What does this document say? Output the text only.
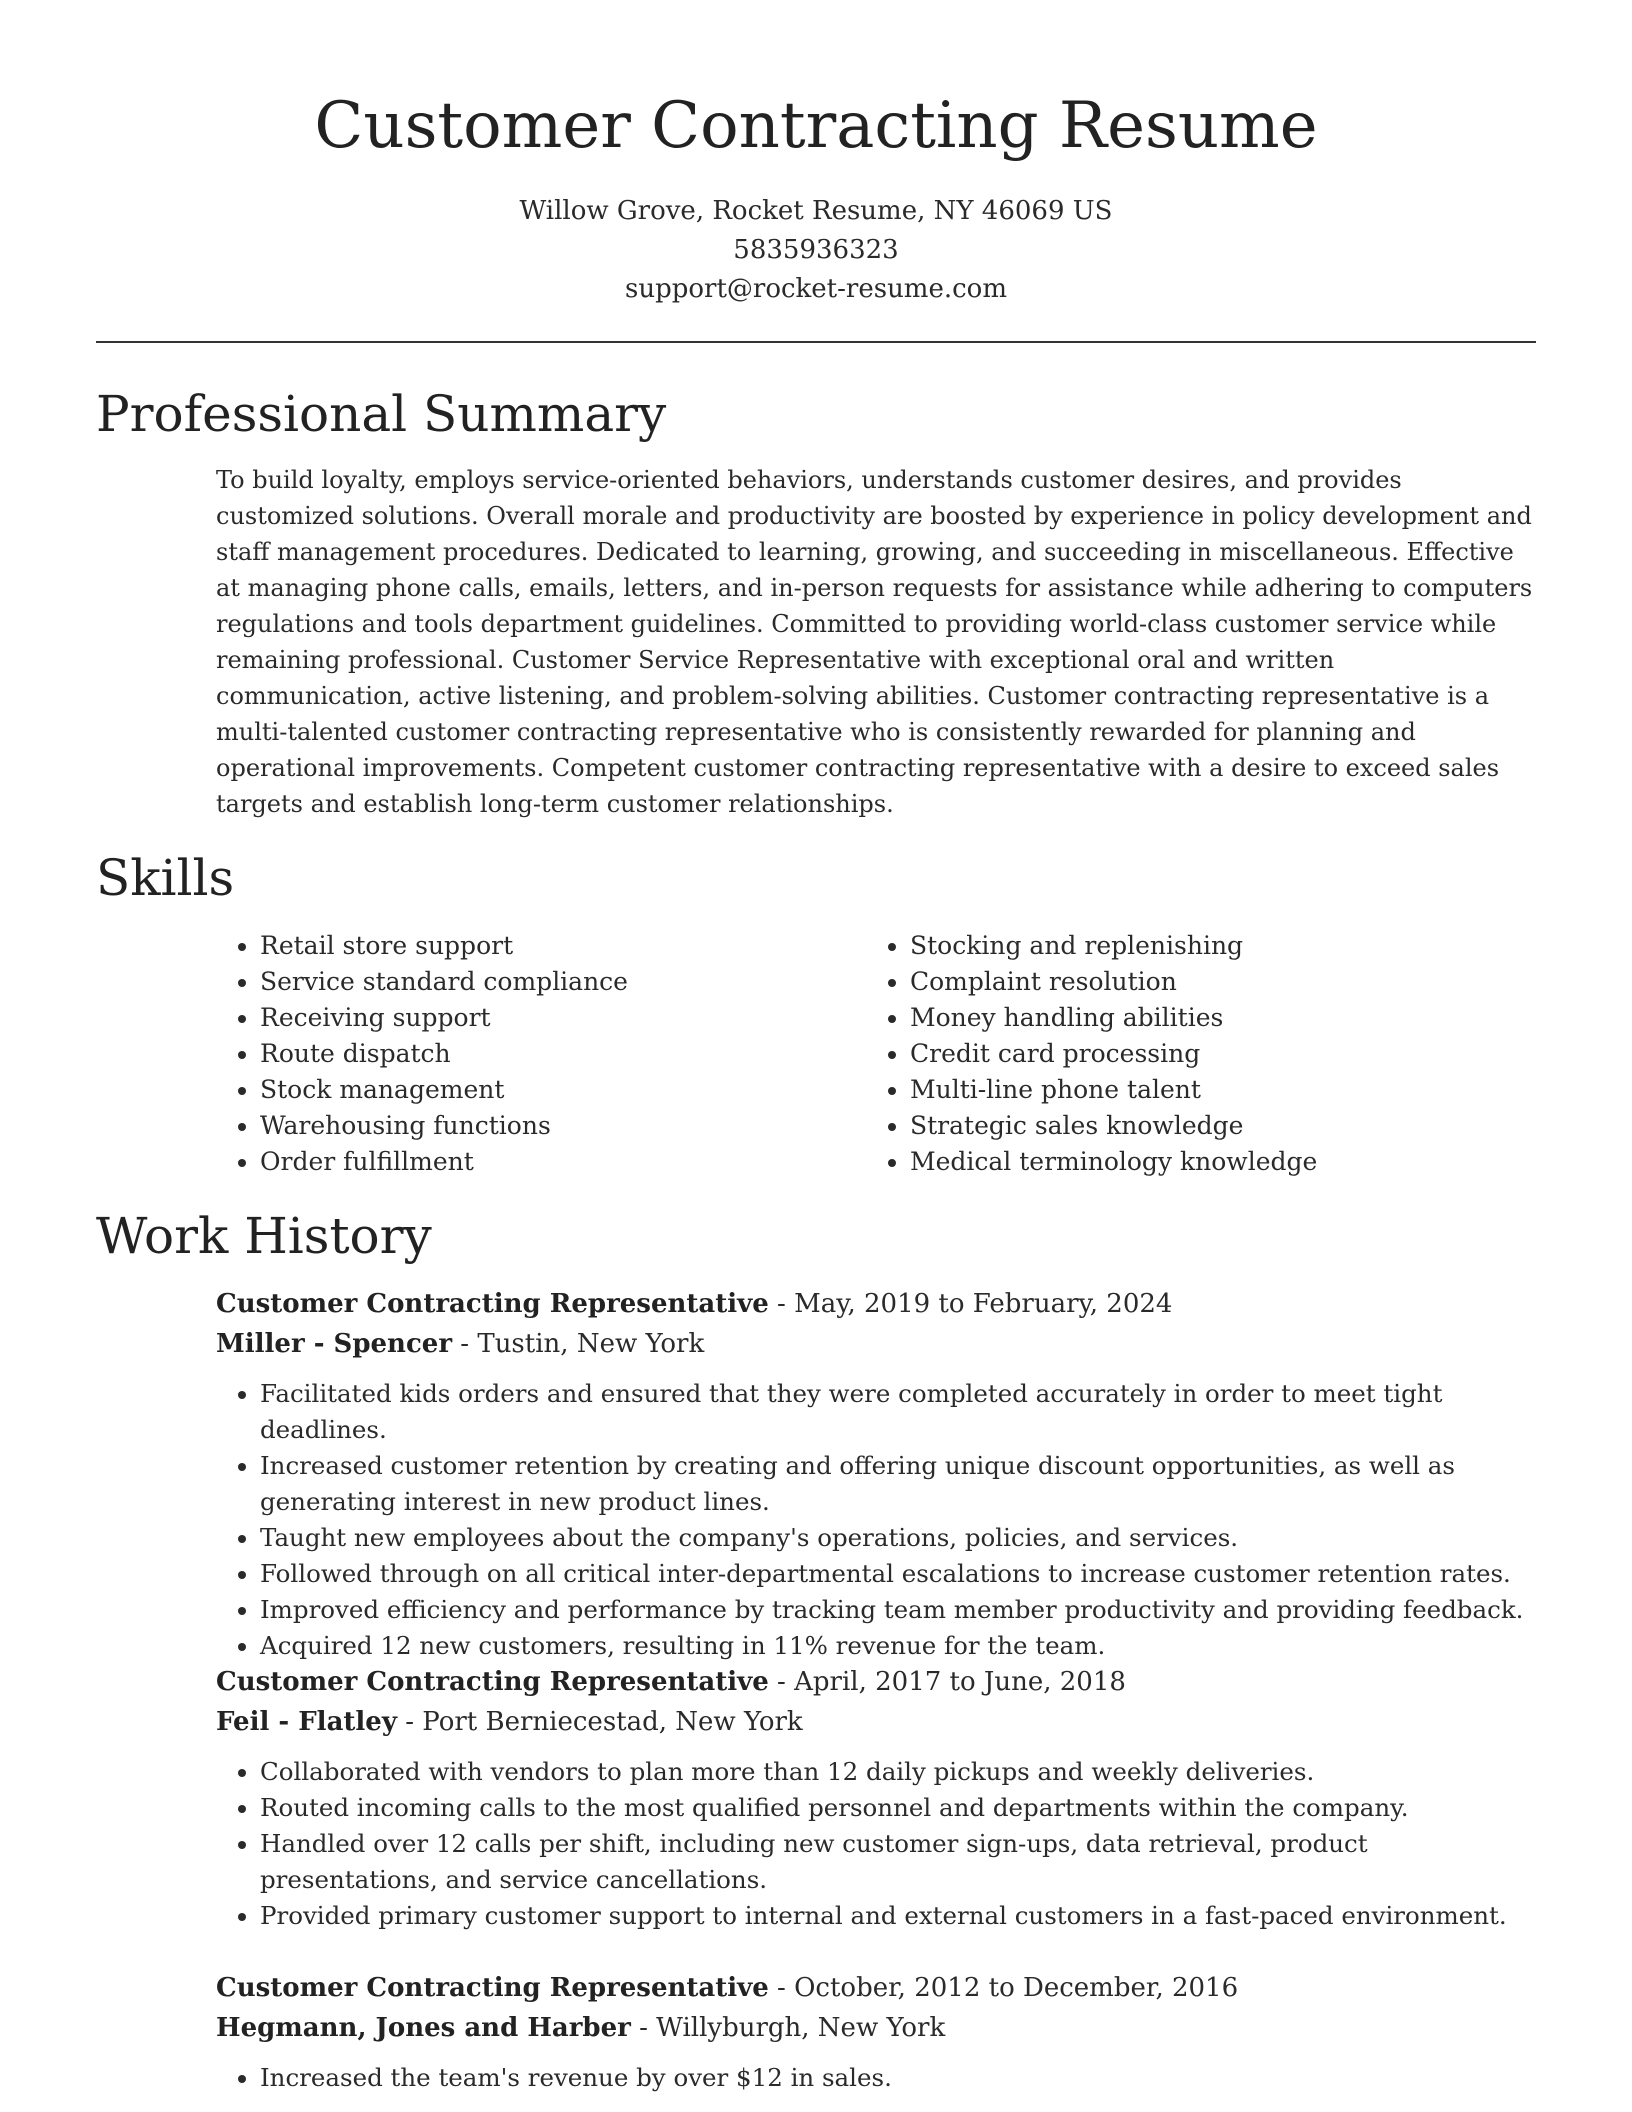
Customer Contracting Resume
Willow Grove, Rocket Resume, NY 46069 US
5835936323
support@rocket-resume.com
Professional Summary

To build loyalty, employs service-oriented behaviors, understands customer desires, and provides customized solutions. Overall morale and productivity are boosted by experience in policy development and staff management procedures. Dedicated to learning, growing, and succeeding in miscellaneous. Effective at managing phone calls, emails, letters, and in-person requests for assistance while adhering to computers regulations and tools department guidelines. Committed to providing world-class customer service while remaining professional. Customer Service Representative with exceptional oral and written communication, active listening, and problem-solving abilities. Customer contracting representative is a multi-talented customer contracting representative who is consistently rewarded for planning and operational improvements. Competent customer contracting representative with a desire to exceed sales targets and establish long-term customer relationships.

Skills
• Retail store support
• Service standard compliance
• Receiving support
• Route dispatch
• Stock management
• Warehousing functions
• Order fulfillment
• Stocking and replenishing
• Complaint resolution
• Money handling abilities
• Credit card processing
• Multi-line phone talent
• Strategic sales knowledge
• Medical terminology knowledge
Work History

Customer Contracting Representative - May, 2019 to February, 2024

Miller - Spencer - Tustin, New York

• Facilitated kids orders and ensured that they were completed accurately in order to meet tight deadlines.
• Increased customer retention by creating and offering unique discount opportunities, as well as generating interest in new product lines.
• Taught new employees about the company's operations, policies, and services.
• Followed through on all critical inter-departmental escalations to increase customer retention rates.
• Improved efficiency and performance by tracking team member productivity and providing feedback.
• Acquired 12 new customers, resulting in 11% revenue for the team.

Customer Contracting Representative - April, 2017 to June, 2018

Feil - Flatley - Port Berniecestad, New York

• Collaborated with vendors to plan more than 12 daily pickups and weekly deliveries.
• Routed incoming calls to the most qualified personnel and departments within the company.
• Handled over 12 calls per shift, including new customer sign-ups, data retrieval, product presentations, and service cancellations.
• Provided primary customer support to internal and external customers in a fast-paced environment.

Customer Contracting Representative - October, 2012 to December, 2016

Hegmann, Jones and Harber - Willyburgh, New York

• Increased the team's revenue by over $12 in sales.
